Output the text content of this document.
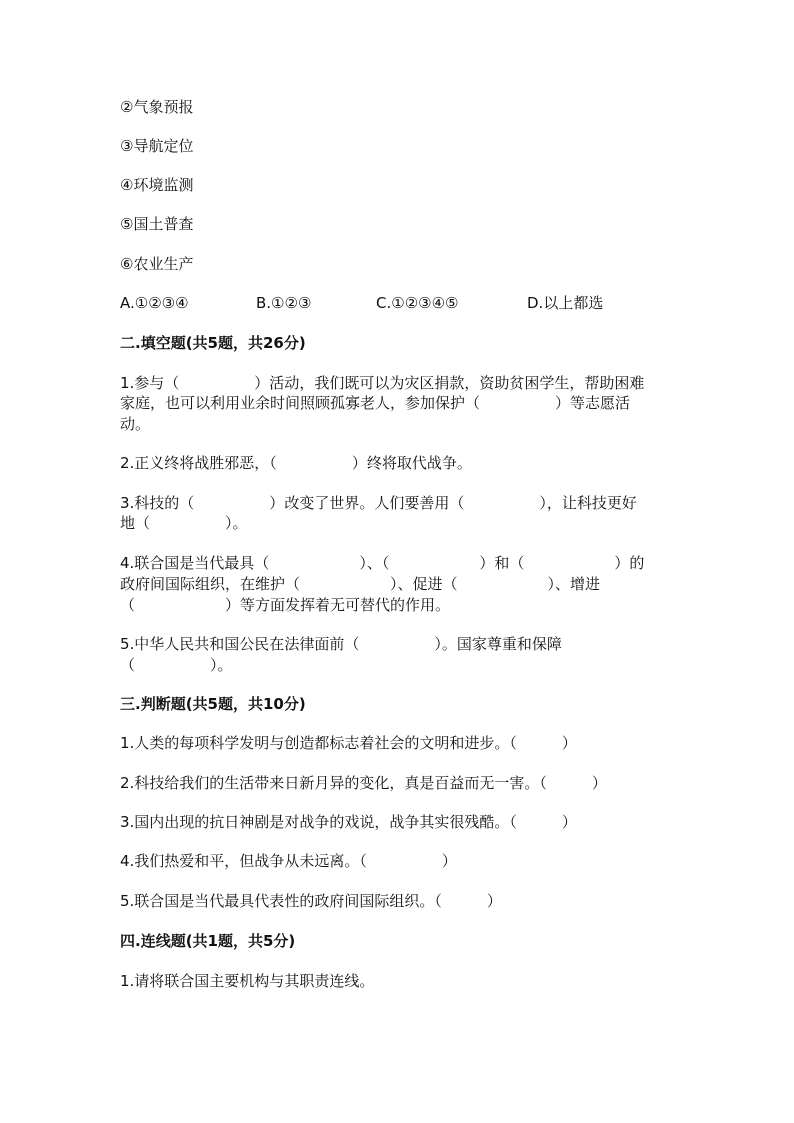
②气象预报
③导航定位
④环境监测
⑤国土普查
⑥农业生产
A.①②③④	B.①②③	C.①②③④⑤	D.以上都选
二.填空题(共5题，共26分)
1.参与（　　　　　）活动，我们既可以为灾区捐款，资助贫困学生，帮助困难
家庭，也可以利用业余时间照顾孤寡老人，参加保护（　　　　　）等志愿活
动。
2.正义终将战胜邪恶，（　　　　　）终将取代战争。
3.科技的（　　　　　）改变了世界。人们要善用（　　　　　），让科技更好
地（　　　　　）。
4.联合国是当代最具（　　　　　　）、（　　　　　　）和（　　　　　　）的
政府间国际组织，在维护（　　　　　　）、促进（　　　　　　）、增进
（　　　　　　）等方面发挥着无可替代的作用。
5.中华人民共和国公民在法律面前（　　　　　）。国家尊重和保障
（　　　　　）。
三.判断题(共5题，共10分)
1.人类的每项科学发明与创造都标志着社会的文明和进步。（　　　）
2.科技给我们的生活带来日新月异的变化，真是百益而无一害。（　　　）
3.国内出现的抗日神剧是对战争的戏说，战争其实很残酷。（　　　）
4.我们热爱和平，但战争从未远离。（　　　　　）
5.联合国是当代最具代表性的政府间国际组织。（　　　）
四.连线题(共1题，共5分)
1.请将联合国主要机构与其职责连线。
